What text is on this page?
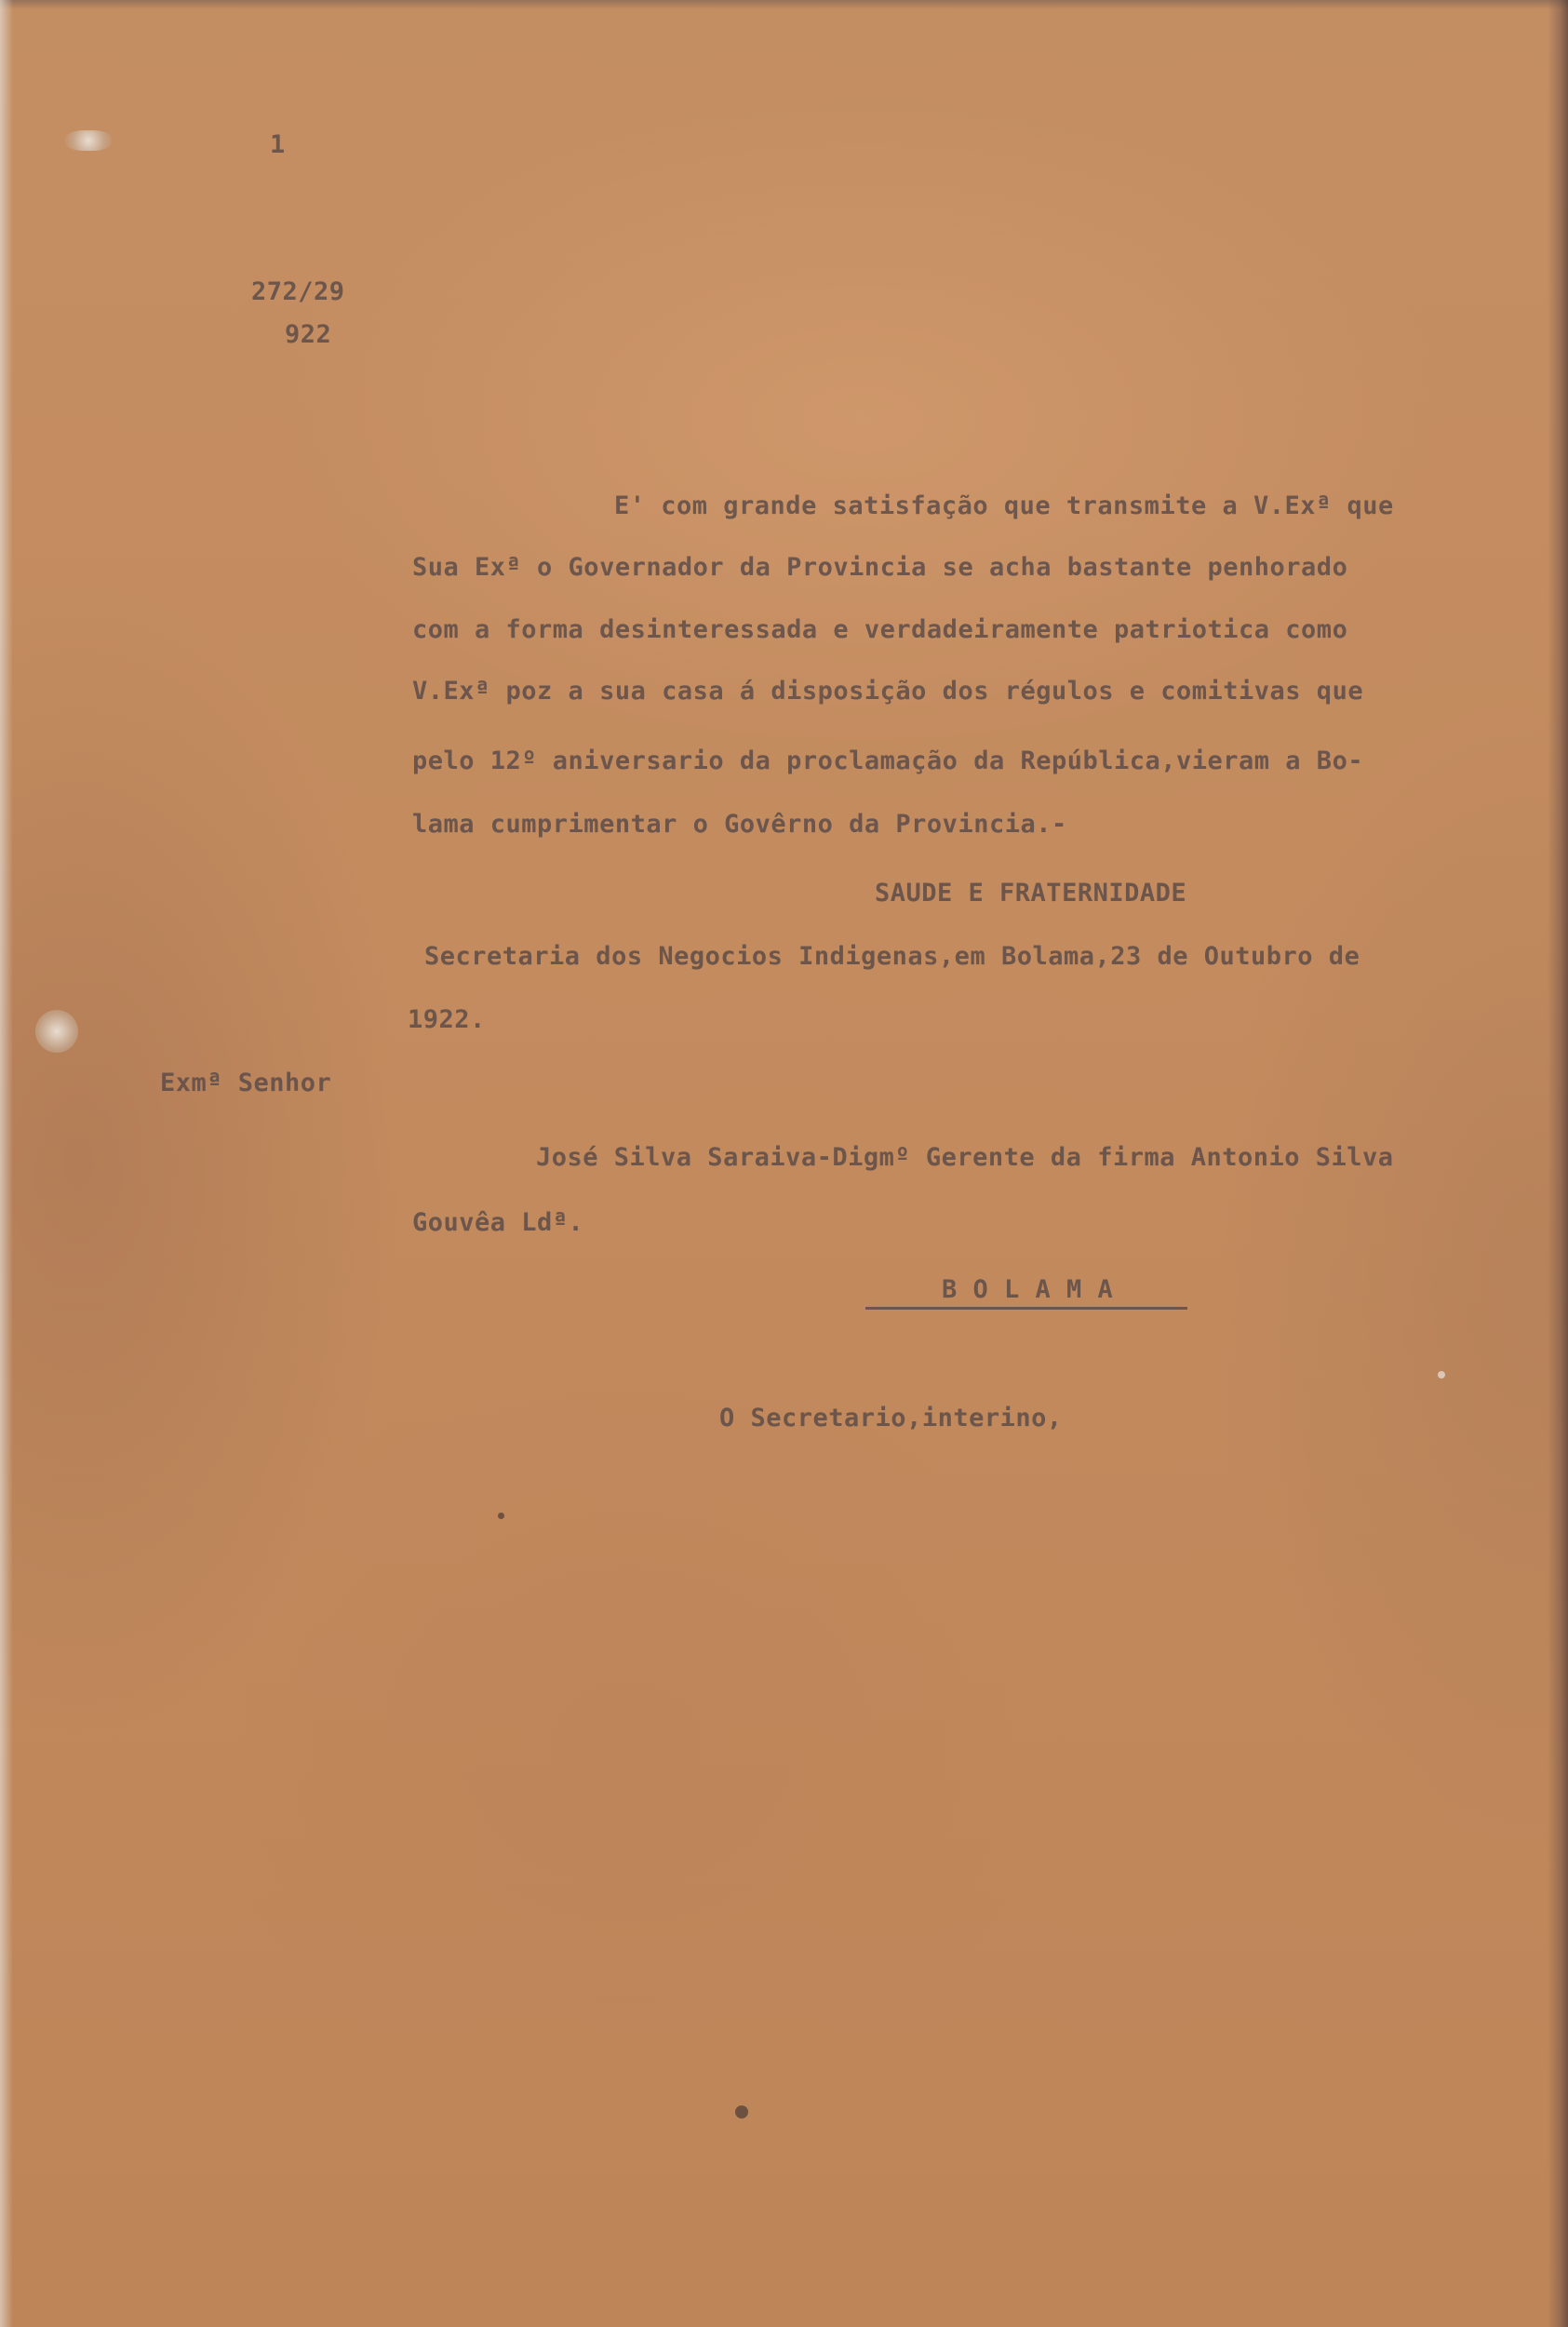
1
272/29
922
E' com grande satisfação que transmite a V.Exª que
Sua Exª o Governador da Provincia se acha bastante penhorado
com a forma desinteressada e verdadeiramente patriotica como
V.Exª poz a sua casa á disposição dos régulos e comitivas que
pelo 12º aniversario da proclamação da República,vieram a Bo-
lama cumprimentar o Govêrno da Provincia.-
SAUDE E FRATERNIDADE
Secretaria dos Negocios Indigenas,em Bolama,23 de Outubro de
1922.
Exmª Senhor
José Silva Saraiva-Digmº Gerente da firma Antonio Silva
Gouvêa Ldª.
B O L A M A
O Secretario,interino,
